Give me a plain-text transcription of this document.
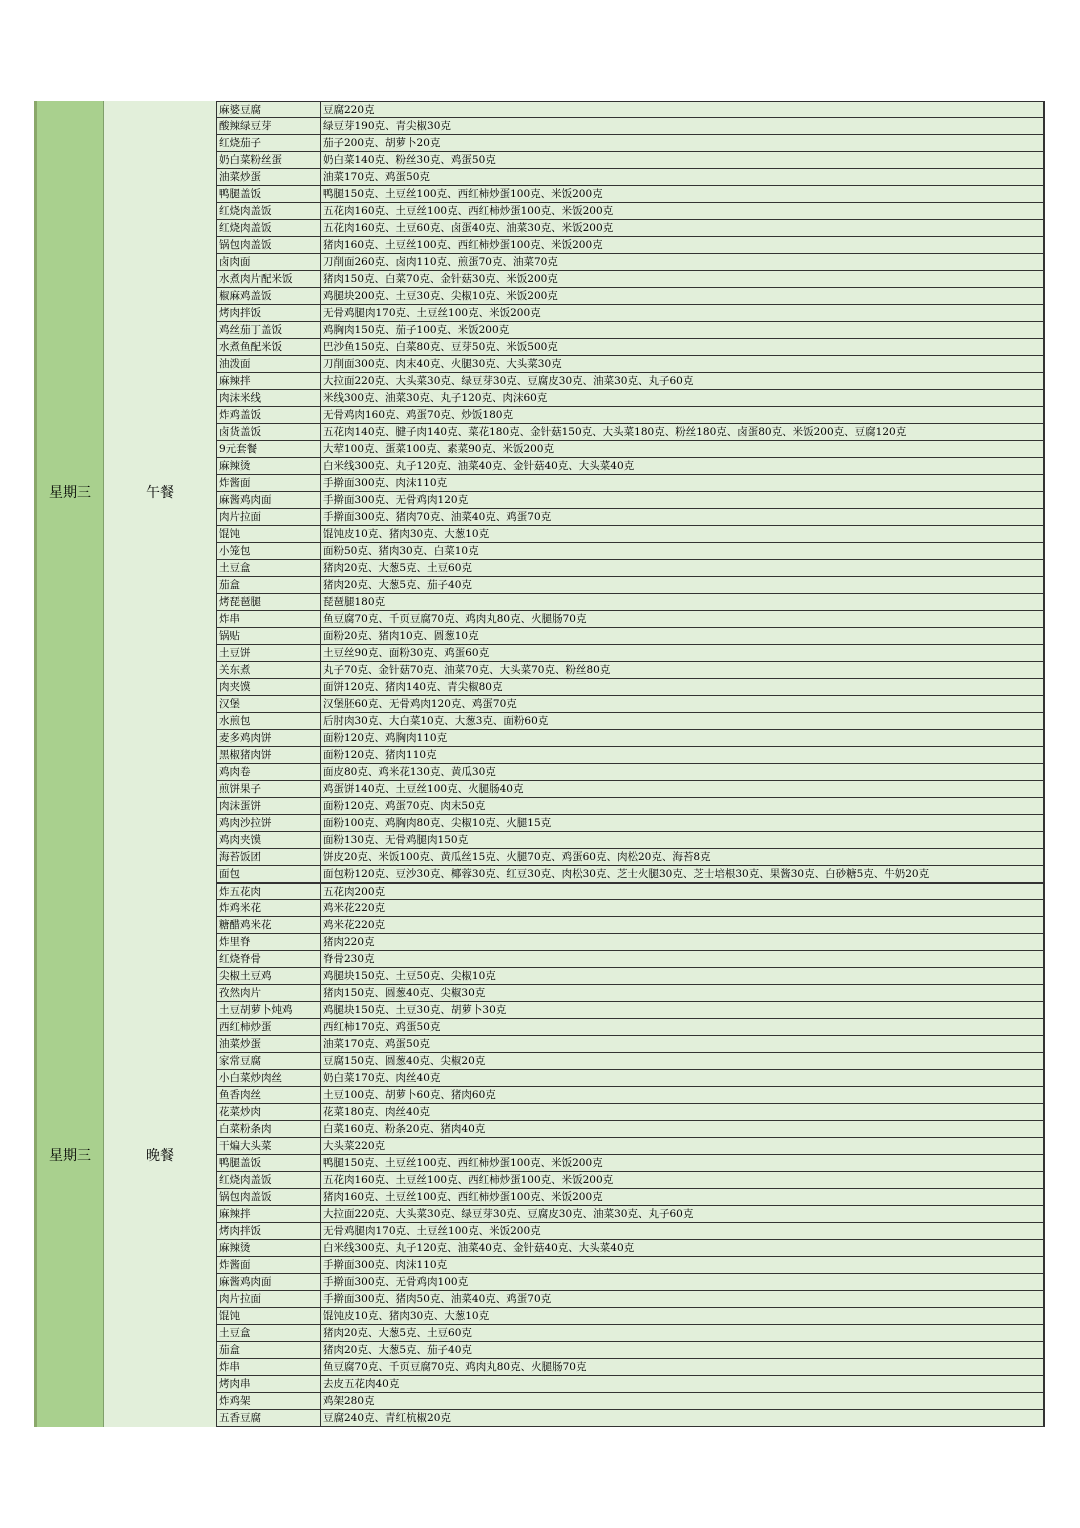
星期三	午餐
麻婆豆腐	豆腐220克
酸辣绿豆芽	绿豆芽190克、青尖椒30克
红烧茄子	茄子200克、胡萝卜20克
奶白菜粉丝蛋	奶白菜140克、粉丝30克、鸡蛋50克
油菜炒蛋	油菜170克、鸡蛋50克
鸭腿盖饭	鸭腿150克、土豆丝100克、西红柿炒蛋100克、米饭200克
红烧肉盖饭	五花肉160克、土豆丝100克、西红柿炒蛋100克、米饭200克
红烧肉盖饭	五花肉160克、土豆60克、卤蛋40克、油菜30克、米饭200克
锅包肉盖饭	猪肉160克、土豆丝100克、西红柿炒蛋100克、米饭200克
卤肉面	刀削面260克、卤肉110克、煎蛋70克、油菜70克
水煮肉片配米饭	猪肉150克、白菜70克、金针菇30克、米饭200克
椒麻鸡盖饭	鸡腿块200克、土豆30克、尖椒10克、米饭200克
烤肉拌饭	无骨鸡腿肉170克、土豆丝100克、米饭200克
鸡丝茄丁盖饭	鸡胸肉150克、茄子100克、米饭200克
水煮鱼配米饭	巴沙鱼150克、白菜80克、豆芽50克、米饭500克
油泼面	刀削面300克、肉末40克、火腿30克、大头菜30克
麻辣拌	大拉面220克、大头菜30克、绿豆芽30克、豆腐皮30克、油菜30克、丸子60克
肉沫米线	米线300克、油菜30克、丸子120克、肉沫60克
炸鸡盖饭	无骨鸡肉160克、鸡蛋70克、炒饭180克
卤货盖饭	五花肉140克、腱子肉140克、菜花180克、金针菇150克、大头菜180克、粉丝180克、卤蛋80克、米饭200克、豆腐120克
9元套餐	大荤100克、蛋菜100克、素菜90克、米饭200克
麻辣烫	白米线300克、丸子120克、油菜40克、金针菇40克、大头菜40克
炸酱面	手擀面300克、肉沫110克
麻酱鸡肉面	手擀面300克、无骨鸡肉120克
肉片拉面	手擀面300克、猪肉70克、油菜40克、鸡蛋70克
馄饨	馄饨皮10克、猪肉30克、大葱10克
小笼包	面粉50克、猪肉30克、白菜10克
土豆盒	猪肉20克、大葱5克、土豆60克
茄盒	猪肉20克、大葱5克、茄子40克
烤琵琶腿	琵琶腿180克
炸串	鱼豆腐70克、千页豆腐70克、鸡肉丸80克、火腿肠70克
锅贴	面粉20克、猪肉10克、圆葱10克
土豆饼	土豆丝90克、面粉30克、鸡蛋60克
关东煮	丸子70克、金针菇70克、油菜70克、大头菜70克、粉丝80克
肉夹馍	面饼120克、猪肉140克、青尖椒80克
汉堡	汉堡胚60克、无骨鸡肉120克、鸡蛋70克
水煎包	后肘肉30克、大白菜10克、大葱3克、面粉60克
麦多鸡肉饼	面粉120克、鸡胸肉110克
黑椒猪肉饼	面粉120克、猪肉110克
鸡肉卷	面皮80克、鸡米花130克、黄瓜30克
煎饼果子	鸡蛋饼140克、土豆丝100克、火腿肠40克
肉沫蛋饼	面粉120克、鸡蛋70克、肉末50克
鸡肉沙拉饼	面粉100克、鸡胸肉80克、尖椒10克、火腿15克
鸡肉夹馍	面粉130克、无骨鸡腿肉150克
海苔饭团	饼皮20克、米饭100克、黄瓜丝15克、火腿70克、鸡蛋60克、肉松20克、海苔8克
面包	面包粉120克、豆沙30克、椰蓉30克、红豆30克、肉松30克、芝士火腿30克、芝士培根30克、果酱30克、白砂糖5克、牛奶20克
星期三	晚餐
炸五花肉	五花肉200克
炸鸡米花	鸡米花220克
糖醋鸡米花	鸡米花220克
炸里脊	猪肉220克
红烧脊骨	脊骨230克
尖椒土豆鸡	鸡腿块150克、土豆50克、尖椒10克
孜然肉片	猪肉150克、圆葱40克、尖椒30克
土豆胡萝卜炖鸡	鸡腿块150克、土豆30克、胡萝卜30克
西红柿炒蛋	西红柿170克、鸡蛋50克
油菜炒蛋	油菜170克、鸡蛋50克
家常豆腐	豆腐150克、圆葱40克、尖椒20克
小白菜炒肉丝	奶白菜170克、肉丝40克
鱼香肉丝	土豆100克、胡萝卜60克、猪肉60克
花菜炒肉	花菜180克、肉丝40克
白菜粉条肉	白菜160克、粉条20克、猪肉40克
干煸大头菜	大头菜220克
鸭腿盖饭	鸭腿150克、土豆丝100克、西红柿炒蛋100克、米饭200克
红烧肉盖饭	五花肉160克、土豆丝100克、西红柿炒蛋100克、米饭200克
锅包肉盖饭	猪肉160克、土豆丝100克、西红柿炒蛋100克、米饭200克
麻辣拌	大拉面220克、大头菜30克、绿豆芽30克、豆腐皮30克、油菜30克、丸子60克
烤肉拌饭	无骨鸡腿肉170克、土豆丝100克、米饭200克
麻辣烫	白米线300克、丸子120克、油菜40克、金针菇40克、大头菜40克
炸酱面	手擀面300克、肉沫110克
麻酱鸡肉面	手擀面300克、无骨鸡肉100克
肉片拉面	手擀面300克、猪肉50克、油菜40克、鸡蛋70克
馄饨	馄饨皮10克、猪肉30克、大葱10克
土豆盒	猪肉20克、大葱5克、土豆60克
茄盒	猪肉20克、大葱5克、茄子40克
炸串	鱼豆腐70克、千页豆腐70克、鸡肉丸80克、火腿肠70克
烤肉串	去皮五花肉40克
炸鸡架	鸡架280克
五香豆腐	豆腐240克、青红杭椒20克
